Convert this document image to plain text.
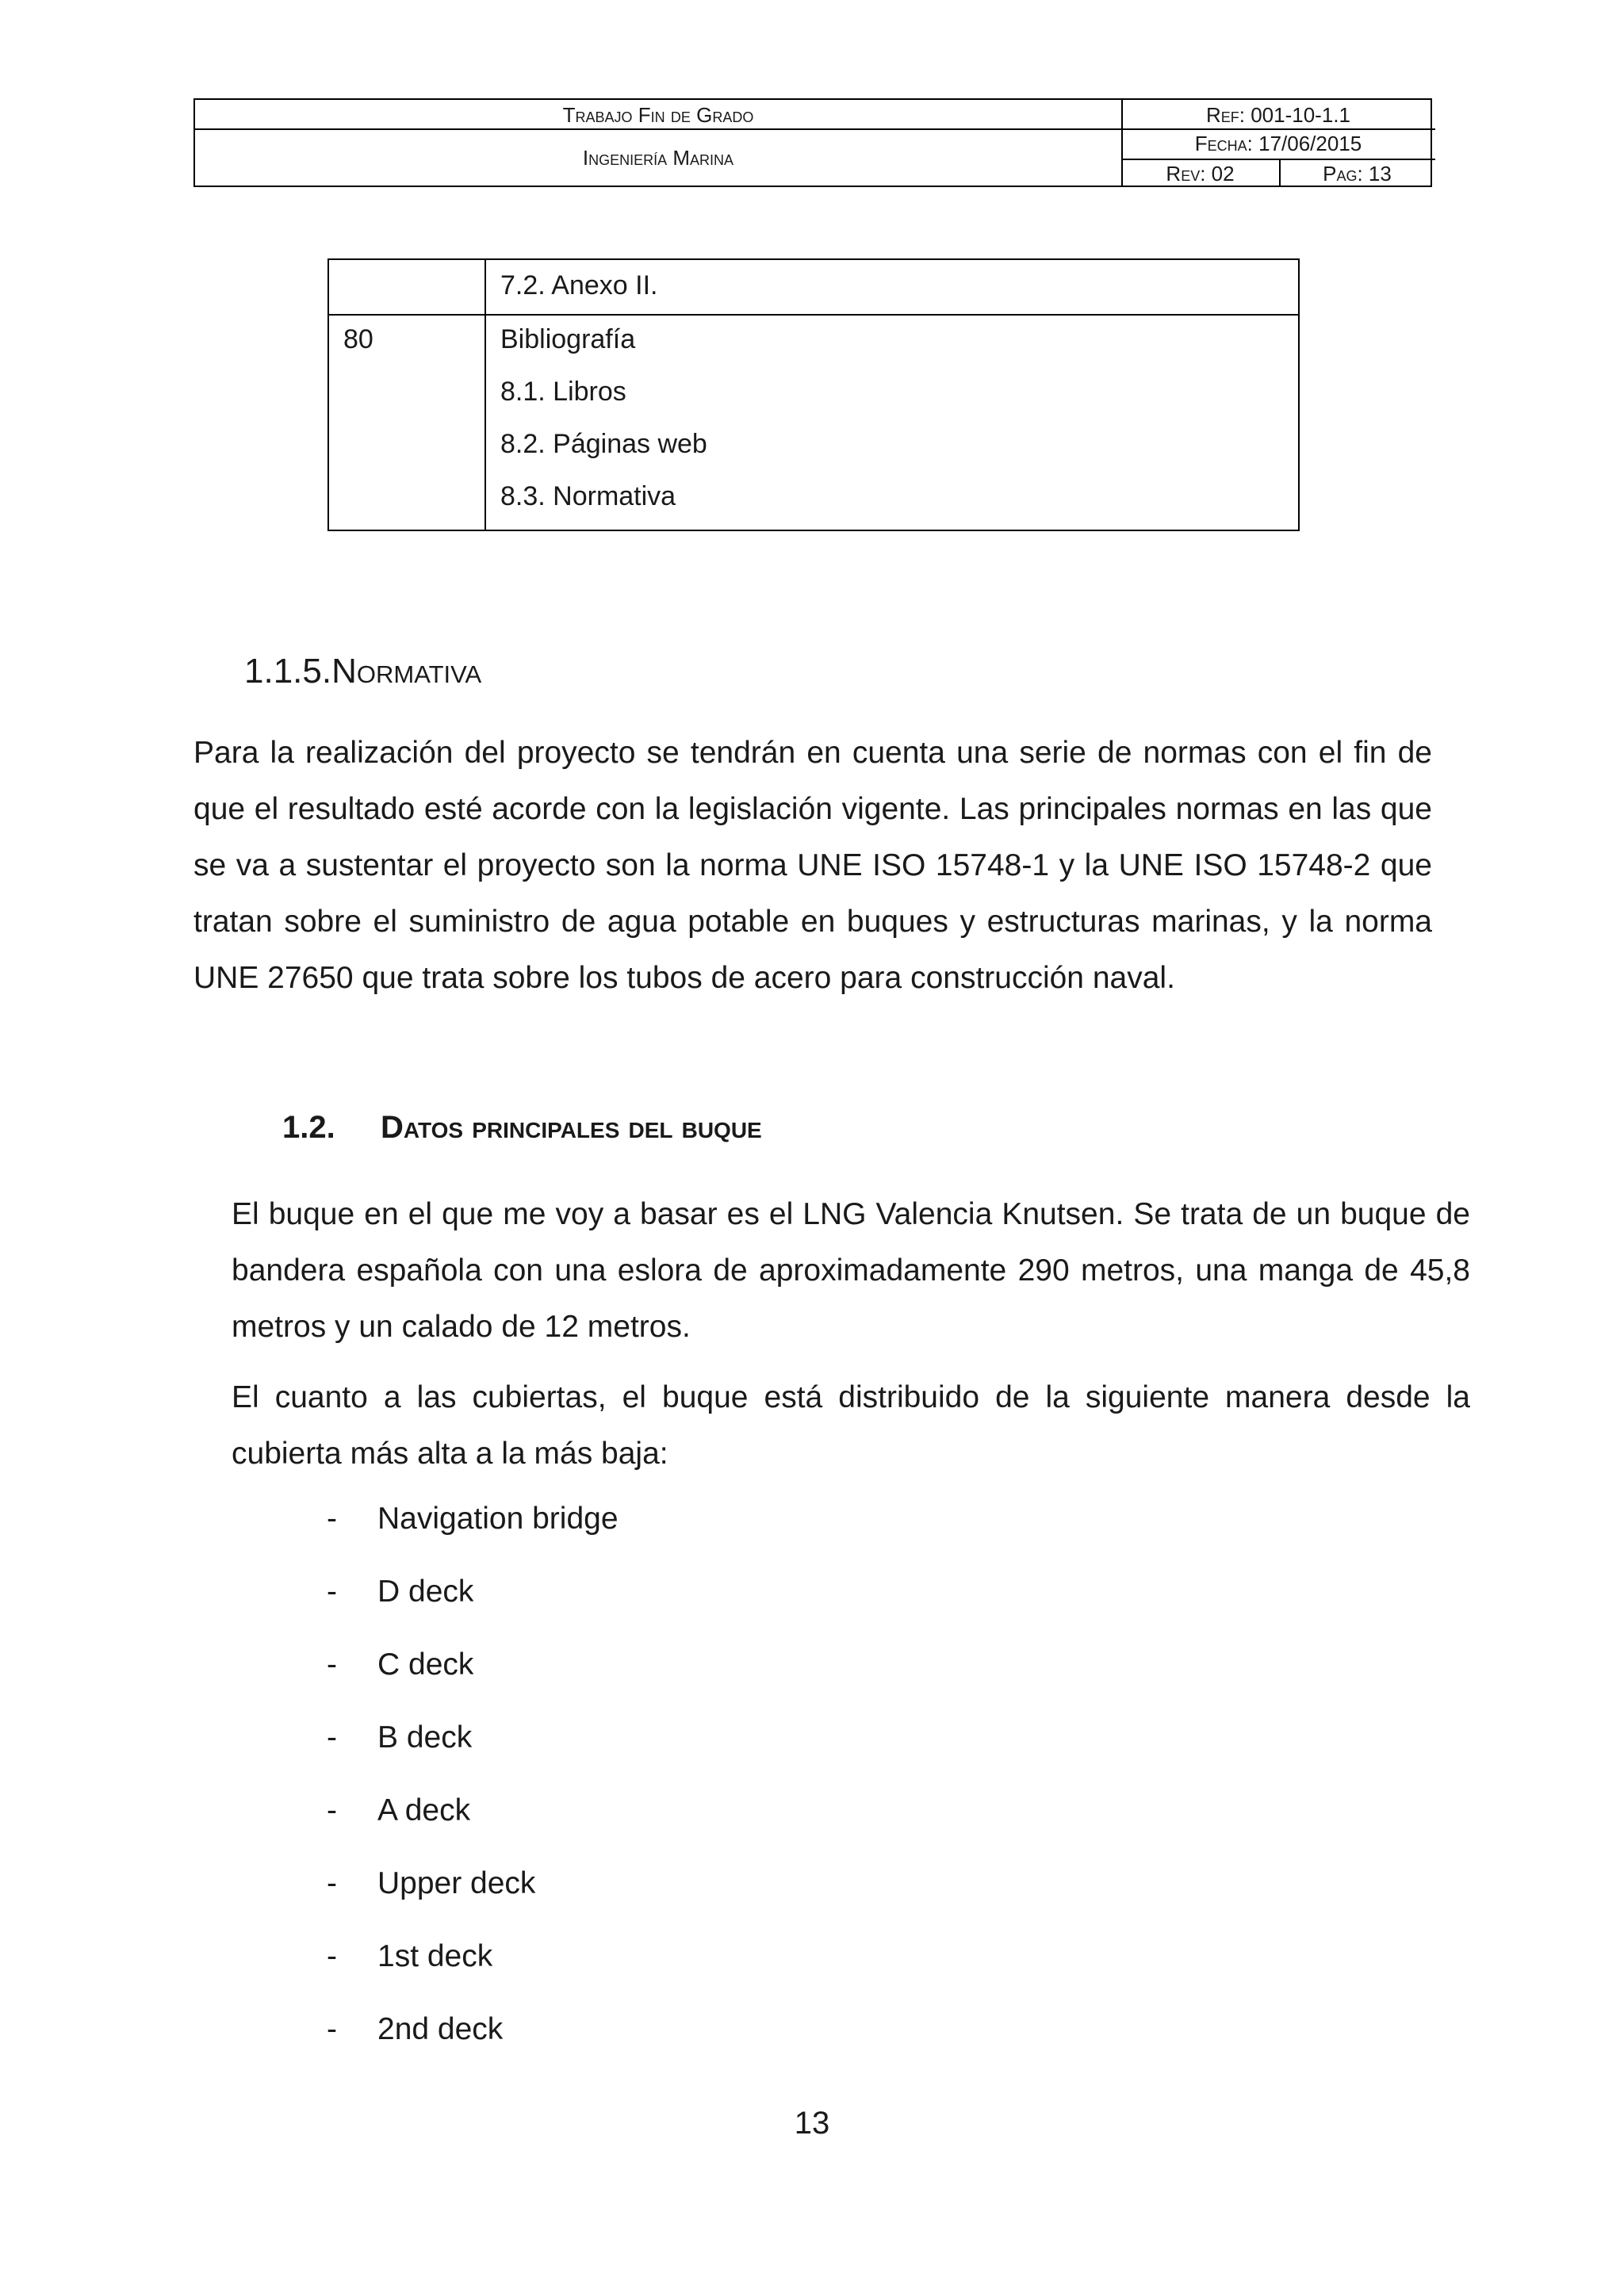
Trabajo Fin de Grado
Ingeniería Marina
Ref: 001-10-1.1
Fecha: 17/06/2015
Rev: 02	Pag: 13
7.2. Anexo II.
80	Bibliografía
8.1. Libros
8.2. Páginas web
8.3. Normativa
1.1.5.Normativa

Para la realización del proyecto se tendrán en cuenta una serie de normas con el fin de que el resultado esté acorde con la legislación vigente. Las principales normas en las que se va a sustentar el proyecto son la norma UNE ISO 15748-1 y la UNE ISO 15748-2 que tratan sobre el suministro de agua potable en buques y estructuras marinas, y la norma UNE 27650 que trata sobre los tubos de acero para construcción naval.

1.2. Datos principales del buque

El buque en el que me voy a basar es el LNG Valencia Knutsen. Se trata de un buque de bandera española con una eslora de aproximadamente 290 metros, una manga de 45,8 metros y un calado de 12 metros.

El cuanto a las cubiertas, el buque está distribuido de la siguiente manera desde la cubierta más alta a la más baja:

- Navigation bridge
- D deck
- C deck
- B deck
- A deck
- Upper deck
- 1st deck
- 2nd deck
13
